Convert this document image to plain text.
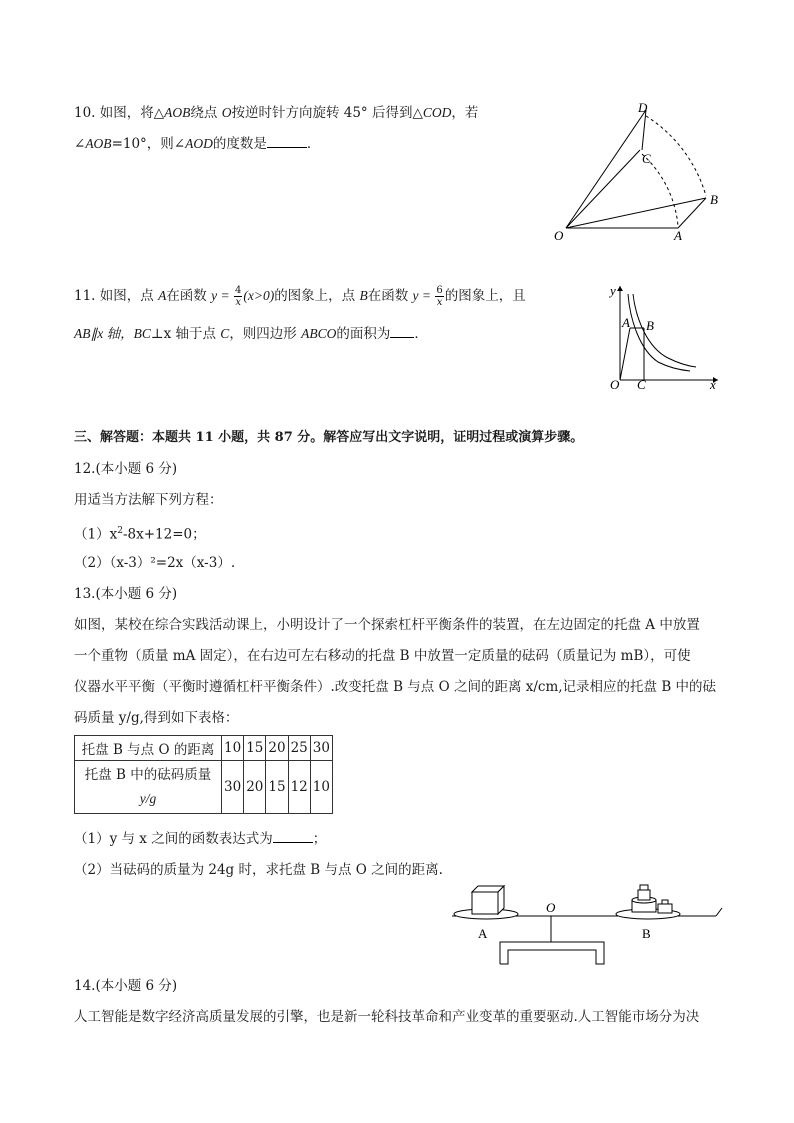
10. 如图，将△AOB绕点 O按逆时针方向旋转 45° 后得到△COD，若
∠AOB=10°，则∠AOD的度数是	．
D
C
B
O	A
11. 如图，点 A在函数 $y = \frac{4}{x} (x>0)$的图象上，点 B在函数 $y = \frac{6}{x}$ 的图象上，且
AB∥x 轴，BC⊥x 轴于点 C，则四边形 ABCO的面积为 ．
y
A B
O C	x
三、解答题：本题共 11 小题，共 87 分。解答应写出文字说明，证明过程或演算步骤。
12.(本小题 6 分)
用适当方法解下列方程：
$(1)x^2-8x+12=0$；
（2）（x-3）²=2x（x-3）.
13.(本小题 6 分)
如图，某校在综合实践活动课上，小明设计了一个探索杠杆平衡条件的装置，在左边固定的托盘 A 中放置
一个重物（质量 mA 固定），在右边可左右移动的托盘 B 中放置一定质量的砝码（质量记为 mB），可使
仪器水平平衡（平衡时遵循杠杆平衡条件）.改变托盘 B 与点 O 之间的距离 x/cm,记录相应的托盘 B 中的砝
码质量 y/g,得到如下表格：
托盘 B 与点 O 的距离	10	15	20	25	30
托盘 B 中的砝码质量
y/g	30	20	15	12	10
（1）y 与 x 之间的函数表达式为	；
（2）当砝码的质量为 24g 时，求托盘 B 与点 O 之间的距离.
A
O
B
14.(本小题 6 分)
人工智能是数字经济高质量发展的引擎，也是新一轮科技革命和产业变革的重要驱动.人工智能市场分为决
